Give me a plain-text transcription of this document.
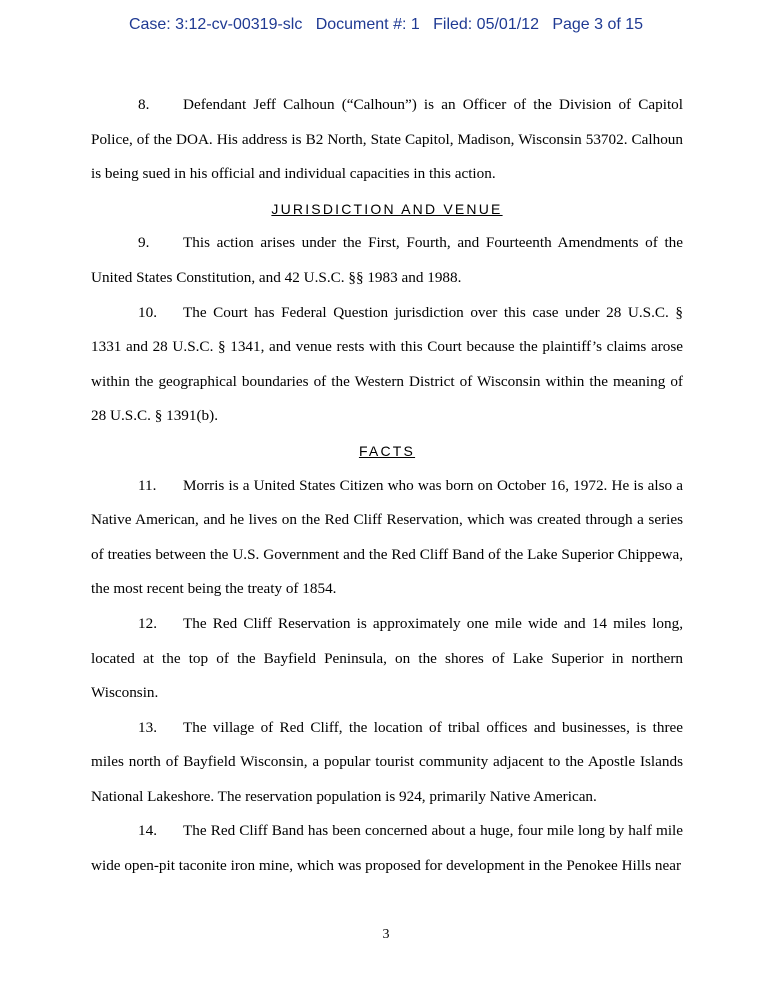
Case: 3:12-cv-00319-slc Document #: 1 Filed: 05/01/12 Page 3 of 15

8. Defendant Jeff Calhoun (“Calhoun”) is an Officer of the Division of Capitol Police, of the DOA. His address is B2 North, State Capitol, Madison, Wisconsin 53702. Calhoun is being sued in his official and individual capacities in this action.

JURISDICTION AND VENUE

9. This action arises under the First, Fourth, and Fourteenth Amendments of the United States Constitution, and 42 U.S.C. §§ 1983 and 1988.

10. The Court has Federal Question jurisdiction over this case under 28 U.S.C. § 1331 and 28 U.S.C. § 1341, and venue rests with this Court because the plaintiff’s claims arose within the geographical boundaries of the Western District of Wisconsin within the meaning of 28 U.S.C. § 1391(b).

FACTS

11. Morris is a United States Citizen who was born on October 16, 1972. He is also a Native American, and he lives on the Red Cliff Reservation, which was created through a series of treaties between the U.S. Government and the Red Cliff Band of the Lake Superior Chippewa, the most recent being the treaty of 1854.

12. The Red Cliff Reservation is approximately one mile wide and 14 miles long, located at the top of the Bayfield Peninsula, on the shores of Lake Superior in northern Wisconsin.

13. The village of Red Cliff, the location of tribal offices and businesses, is three miles north of Bayfield Wisconsin, a popular tourist community adjacent to the Apostle Islands National Lakeshore. The reservation population is 924, primarily Native American.

14. The Red Cliff Band has been concerned about a huge, four mile long by half mile wide open-pit taconite iron mine, which was proposed for development in the Penokee Hills near

3
